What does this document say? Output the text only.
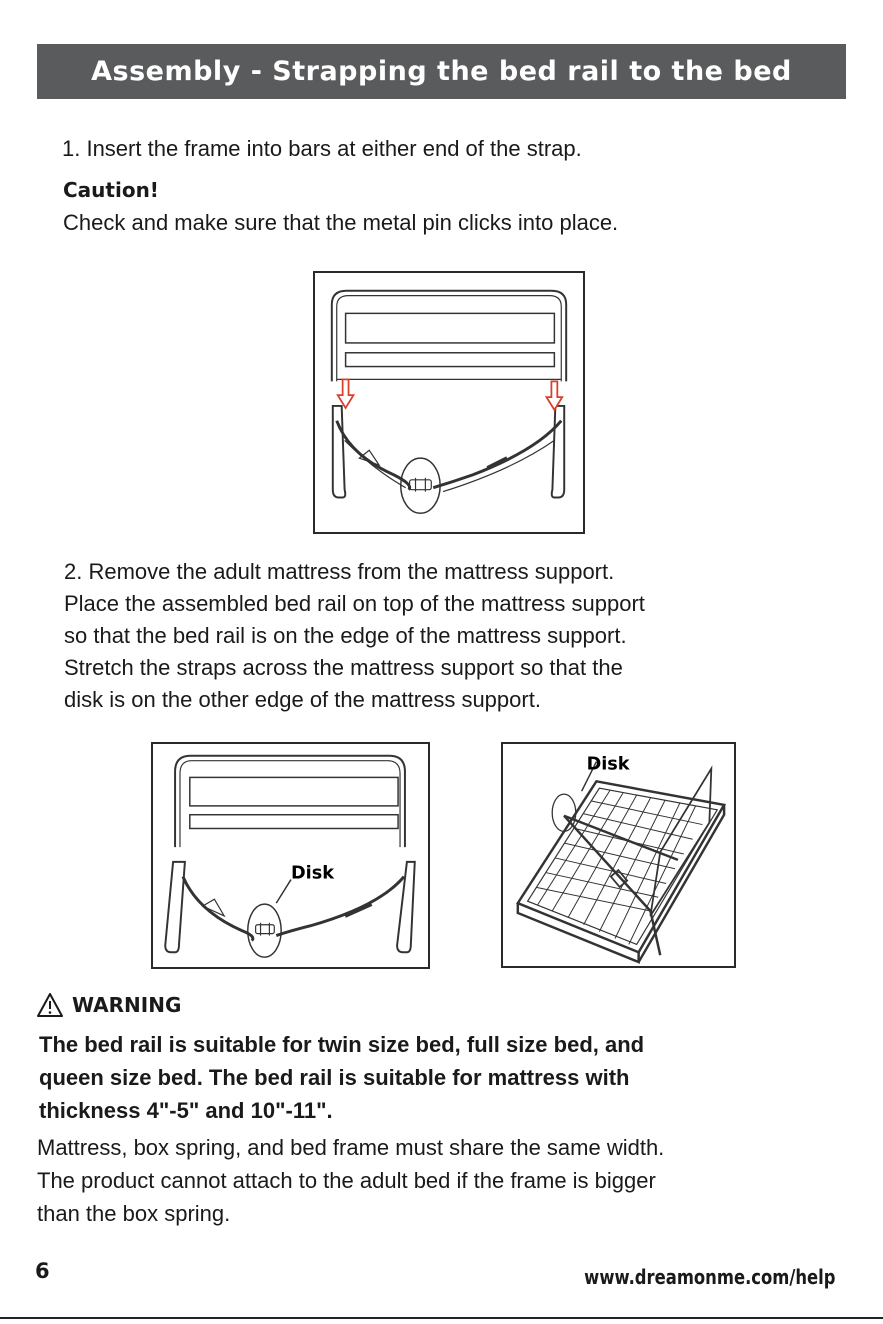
Assembly - Strapping the bed rail to the bed
1. Insert the frame into bars at either end of the strap.
Caution!
Check and make sure that the metal pin clicks into place.
2. Remove the adult mattress from the mattress support.
Place the assembled bed rail on top of the mattress support
so that the bed rail is on the edge of the mattress support.
Stretch the straps across the mattress support so that the
disk is on the other edge of the mattress support.
Disk
Disk
WARNING
The bed rail is suitable for twin size bed, full size bed, and
queen size bed. The bed rail is suitable for mattress with
thickness 4"-5" and 10"-11".
Mattress, box spring, and bed frame must share the same width.
The product cannot attach to the adult bed if the frame is bigger
than the box spring.
6	www.dreamonme.com/help
